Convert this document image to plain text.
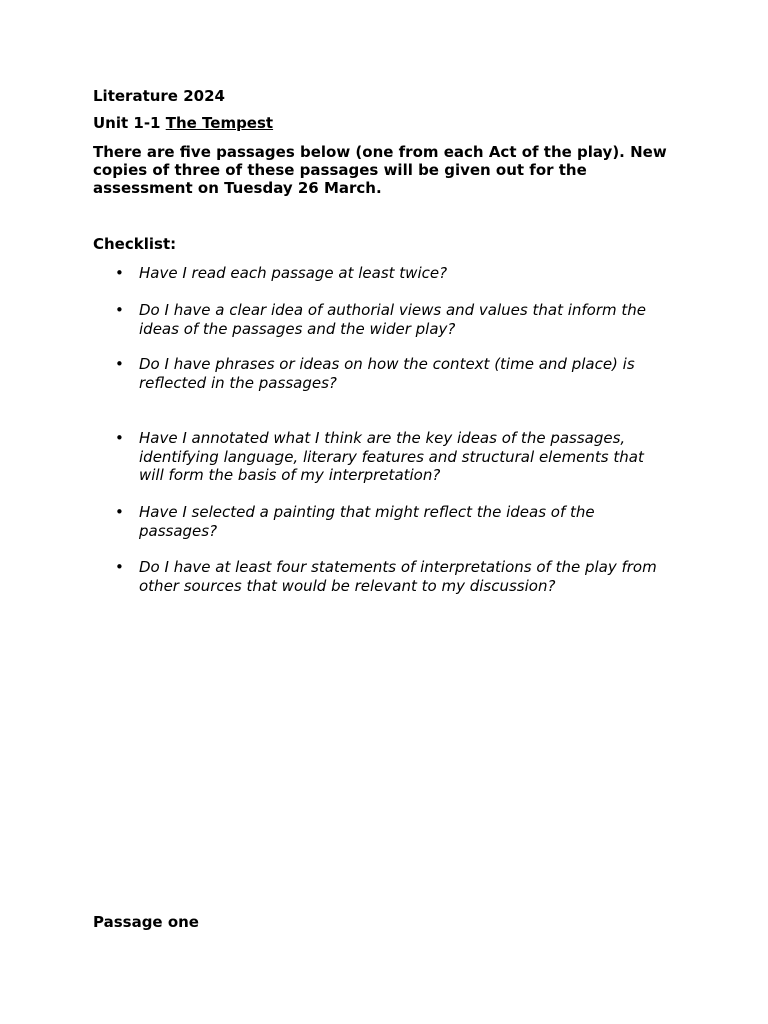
Literature 2024
Unit 1-1 The Tempest
There are five passages below (one from each Act of the play). New copies of three of these passages will be given out for the assessment on Tuesday 26 March.
Checklist:
• Have I read each passage at least twice?
• Do I have a clear idea of authorial views and values that inform the ideas of the passages and the wider play?
• Do I have phrases or ideas on how the context (time and place) is reflected in the passages?
• Have I annotated what I think are the key ideas of the passages, identifying language, literary features and structural elements that will form the basis of my interpretation?
• Have I selected a painting that might reflect the ideas of the passages?
• Do I have at least four statements of interpretations of the play from other sources that would be relevant to my discussion?
Passage one
